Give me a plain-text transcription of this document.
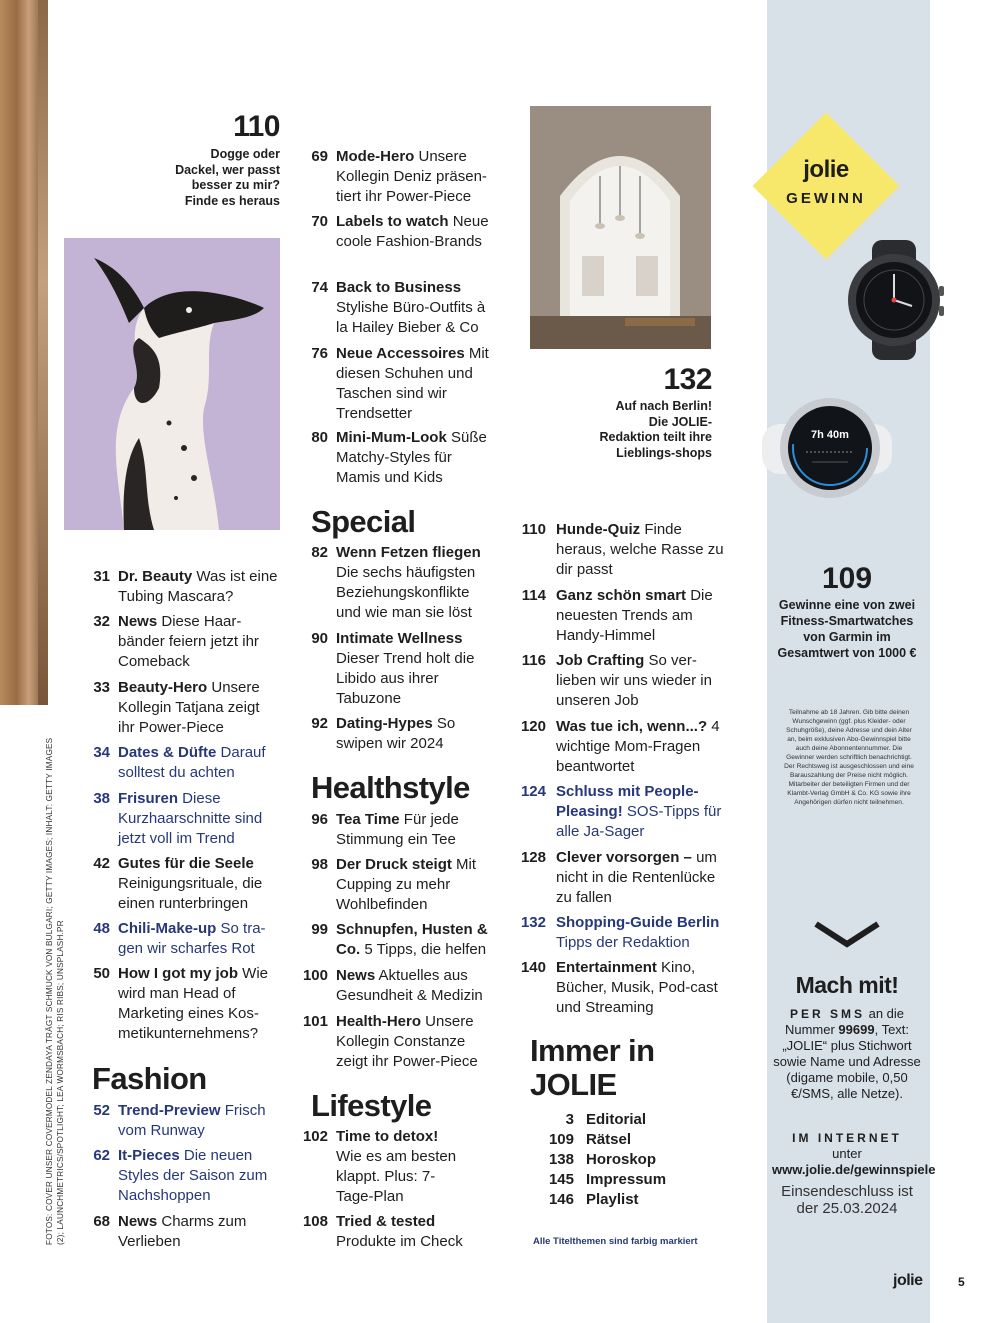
FOTOS: COVER UNSER COVERMODEL ZENDAYA TRÄGT SCHMUCK VON BULGARI; GETTY IMAGES; INHALT: GETTY IMAGES (2); LAUNCHMETRICS/SPOTLIGHT; LEA WORMSBACH; RIS RIBS; UNSPLASH.PR
jolie
GEWINN
7h 40m
109
Gewinne eine von zwei Fitness-Smartwatches von Garmin im Gesamtwert von 1000 €
Teilnahme ab 18 Jahren. Gib bitte deinen Wunschgewinn (ggf. plus Kleider- oder Schuhgröße), deine Adresse und dein Alter an, beim exklusiven Abo-Gewinnspiel bitte auch deine Abonnentennummer. Die Gewinner werden schriftlich benachrichtigt. Der Rechtsweg ist ausgeschlossen und eine Barauszahlung der Preise nicht möglich. Mitarbeiter der beteiligten Firmen und der Klambt-Verlag GmbH & Co. KG sowie ihre Angehörigen dürfen nicht teilnehmen.
Mach mit!
PER SMS an die Nummer 99699, Text: „JOLIE“ plus Stichwort sowie Name und Adresse (digame mobile, 0,50 €/SMS, alle Netze).
IM INTERNET
unter www.jolie.de/gewinnspiele
Einsendeschluss ist der 25.03.2024
110
Dogge oder Dackel, wer passt besser zu mir? Finde es heraus
132
Auf nach Berlin! Die JOLIE-Redaktion teilt ihre Lieblings-shops
31 Dr. Beauty Was ist eine Tubing Mascara?
32 News Diese Haar-bänder feiern jetzt ihr Comeback
33 Beauty-Hero Unsere Kollegin Tatjana zeigt ihr Power-Piece
34 Dates & Düfte Darauf solltest du achten
38 Frisuren Diese Kurzhaarschnitte sind jetzt voll im Trend
42 Gutes für die Seele Reinigungsrituale, die einen runterbringen
48 Chili-Make-up So tra-gen wir scharfes Rot
50 How I got my job Wie wird man Head of Marketing eines Kos-metikunternehmens?
Fashion
52 Trend-Preview Frisch vom Runway
62 It-Pieces Die neuen Styles der Saison zum Nachshoppen
68 News Charms zum Verlieben
69 Mode-Hero Unsere Kollegin Deniz präsen-tiert ihr Power-Piece
70 Labels to watch Neue coole Fashion-Brands
74 Back to Business Stylishe Büro-Outfits à la Hailey Bieber & Co
76 Neue Accessoires Mit diesen Schuhen und Taschen sind wir Trendsetter
80 Mini-Mum-Look Süße Matchy-Styles für Mamis und Kids
Special
82 Wenn Fetzen fliegen Die sechs häufigsten Beziehungskonflikte und wie man sie löst
90 Intimate Wellness Dieser Trend holt die Libido aus ihrer Tabuzone
92 Dating-Hypes So swipen wir 2024
Healthstyle
96 Tea Time Für jede Stimmung ein Tee
98 Der Druck steigt Mit Cupping zu mehr Wohlbefinden
99 Schnupfen, Husten & Co. 5 Tipps, die helfen
100 News Aktuelles aus Gesundheit & Medizin
101 Health-Hero Unsere Kollegin Constanze zeigt ihr Power-Piece
Lifestyle
102 Time to detox! Wie es am besten klappt. Plus: 7-Tage-Plan
108 Tried & tested Produkte im Check
110 Hunde-Quiz Finde heraus, welche Rasse zu dir passt
114 Ganz schön smart Die neuesten Trends am Handy-Himmel
116 Job Crafting So ver-lieben wir uns wieder in unseren Job
120 Was tue ich, wenn...? 4 wichtige Mom-Fragen beantwortet
124 Schluss mit People-Pleasing! SOS-Tipps für alle Ja-Sager
128 Clever vorsorgen – um nicht in die Rentenlücke zu fallen
132 Shopping-Guide Berlin Tipps der Redaktion
140 Entertainment Kino, Bücher, Musik, Pod-cast und Streaming
Immer in JOLIE
3 Editorial
109 Rätsel
138 Horoskop
145 Impressum
146 Playlist
Alle Titelthemen sind farbig markiert
jolie	5
